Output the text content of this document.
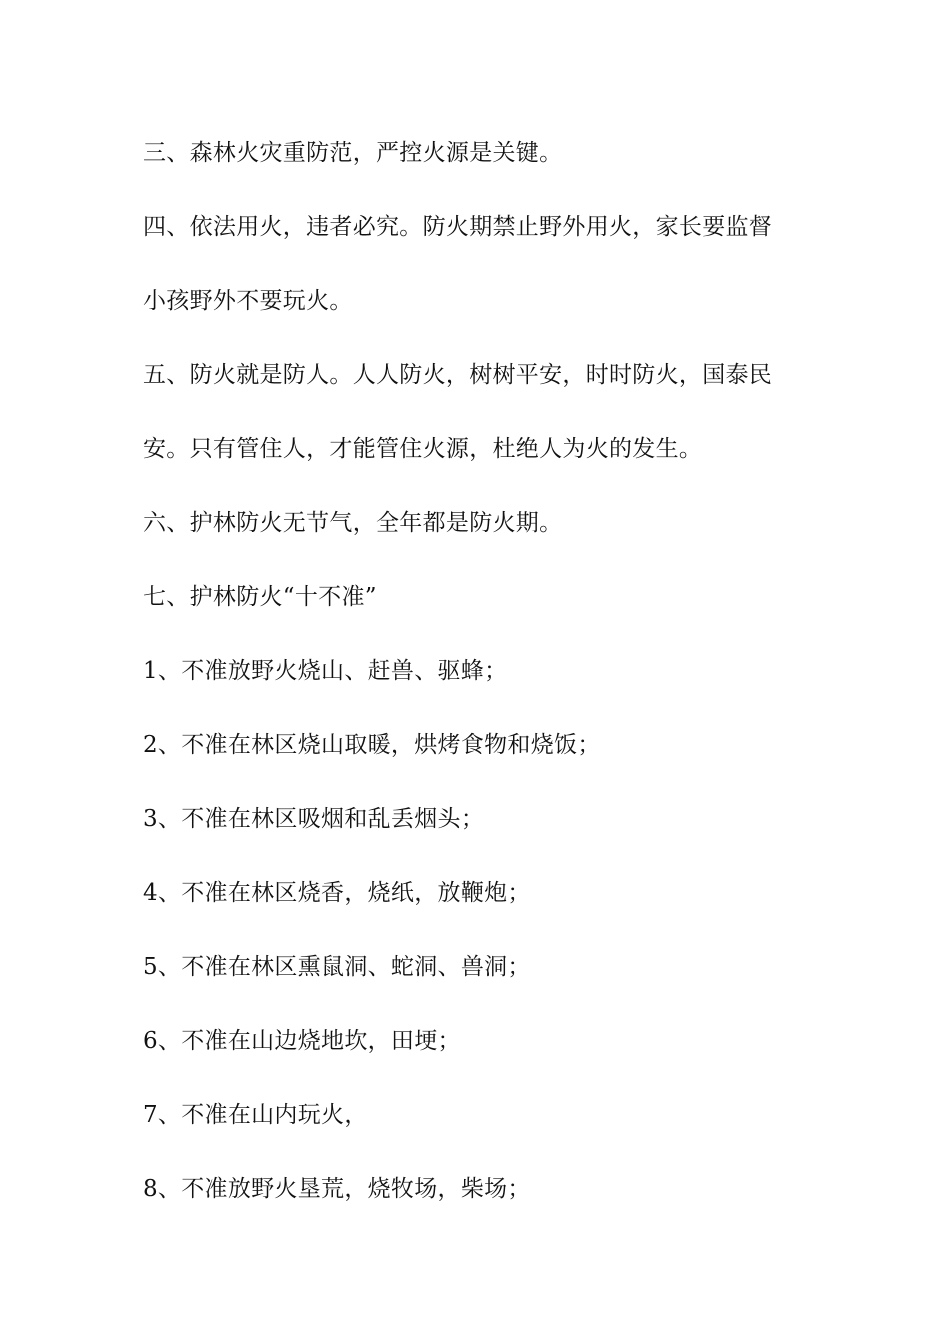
三、森林火灾重防范，严控火源是关键。

四、依法用火，违者必究。防火期禁止野外用火，家长要监督

小孩野外不要玩火。

五、防火就是防人。人人防火，树树平安，时时防火，国泰民

安。只有管住人，才能管住火源，杜绝人为火的发生。

六、护林防火无节气，全年都是防火期。

七、护林防火“十不准”

1、不准放野火烧山、赶兽、驱蜂；

2、不准在林区烧山取暖，烘烤食物和烧饭；

3、不准在林区吸烟和乱丢烟头；

4、不准在林区烧香，烧纸，放鞭炮；

5、不准在林区熏鼠洞、蛇洞、兽洞；

6、不准在山边烧地坎，田埂；

7、不准在山内玩火，

8、不准放野火垦荒，烧牧场，柴场；
